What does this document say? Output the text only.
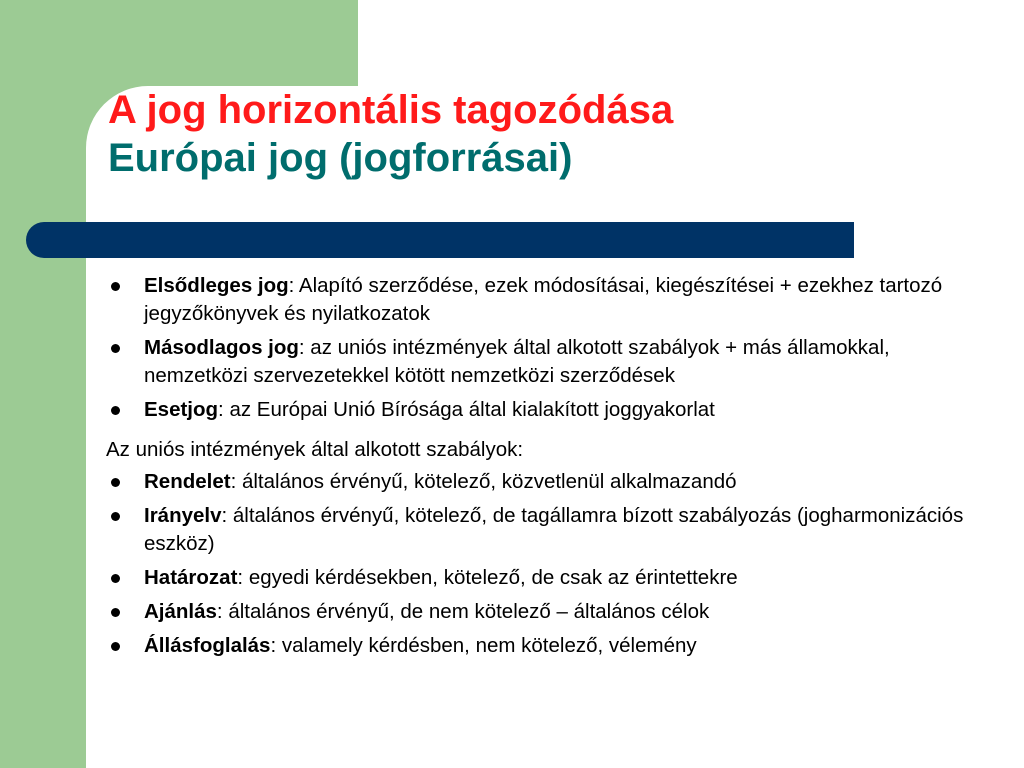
A jog horizontális tagozódása

Európai jog (jogforrásai)

Elsődleges jog: Alapító szerződése, ezek módosításai, kiegészítései + ezekhez tartozó jegyzőkönyvek és nyilatkozatok
Másodlagos jog: az uniós intézmények által alkotott szabályok + más államokkal, nemzetközi szervezetekkel kötött nemzetközi szerződések
Esetjog: az Európai Unió Bírósága által kialakított joggyakorlat

Az uniós intézmények által alkotott szabályok:

Rendelet: általános érvényű, kötelező, közvetlenül alkalmazandó
Irányelv: általános érvényű, kötelező, de tagállamra bízott szabályozás (jogharmonizációs eszköz)
Határozat: egyedi kérdésekben, kötelező, de csak az érintettekre
Ajánlás: általános érvényű, de nem kötelező – általános célok
Állásfoglalás: valamely kérdésben, nem kötelező, vélemény
